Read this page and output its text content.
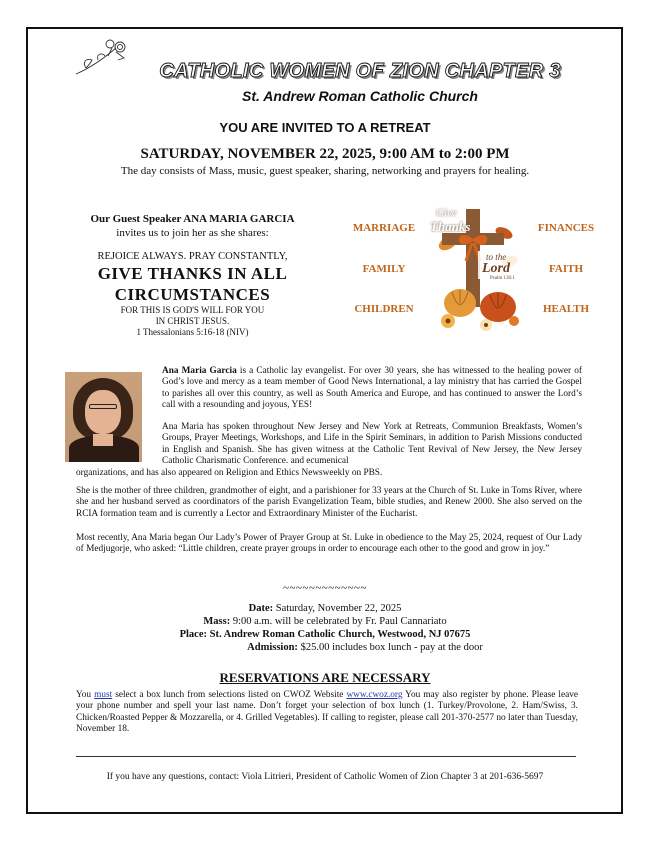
CATHOLIC WOMEN OF ZION CHAPTER 3
St. Andrew Roman Catholic Church
YOU ARE INVITED TO A RETREAT
SATURDAY, NOVEMBER 22, 2025, 9:00 AM to 2:00 PM
The day consists of Mass, music, guest speaker, sharing, networking and prayers for healing.
Our Guest Speaker ANA MARIA GARCIA
invites us to join her as she shares:
REJOICE ALWAYS. PRAY CONSTANTLY,
GIVE THANKS IN ALL
CIRCUMSTANCES
FOR THIS IS GOD'S WILL FOR YOU
IN CHRIST JESUS.
1 Thessalonians 5:16-18 (NIV)
MARRIAGE	FINANCES
FAMILY	FAITH
CHILDREN	HEALTH
Give
Thanks
to the
Lord
Psalm 136:1
Ana Maria Garcia is a Catholic lay evangelist. For over 30 years, she has witnessed to the healing power of God’s love and mercy as a team member of Good News International, a lay ministry that has carried the Gospel to parishes all over this country, as well as South America and Europe, and has continued to answer the Lord’s call with a resounding and joyous, YES!
Ana Maria has spoken throughout New Jersey and New York at Retreats, Communion Breakfasts, Women’s Groups, Prayer Meetings, Workshops, and Life in the Spirit Seminars, in addition to Parish Missions conducted in English and Spanish. She has given witness at the Catholic Tent Revival of New Jersey, the New Jersey Catholic Charismatic Conference. and ecumenical
organizations, and has also appeared on Religion and Ethics Newsweekly on PBS.
She is the mother of three children, grandmother of eight, and a parishioner for 33 years at the Church of St. Luke in Toms River, where she and her husband served as coordinators of the parish Evangelization Team, bible studies, and Renew 2000. She also served on the RCIA formation team and is currently a Lector and Extraordinary Minister of the Eucharist.
Most recently, Ana Maria began Our Lady’s Power of Prayer Group at St. Luke in obedience to the May 25, 2024, request of Our Lady of Medjugorje, who asked: “Little children, create prayer groups in order to encourage each other to the good and grow in joy.”
~~~~~~~~~~~~~
Date: Saturday, November 22, 2025
Mass: 9:00 a.m. will be celebrated by Fr. Paul Cannariato
Place: St. Andrew Roman Catholic Church, Westwood, NJ 07675
Admission: $25.00 includes box lunch - pay at the door
RESERVATIONS ARE NECESSARY
You must select a box lunch from selections listed on CWOZ Website www.cwoz.org You may also register by phone. Please leave your phone number and spell your last name. Don’t forget your selection of box lunch (1. Turkey/Provolone, 2. Ham/Swiss, 3. Chicken/Roasted Pepper & Mozzarella, or 4. Grilled Vegetables). If calling to register, please call 201-370-2577 no later than Tuesday, November 18.
If you have any questions, contact: Viola Litrieri, President of Catholic Women of Zion Chapter 3 at 201-636-5697
